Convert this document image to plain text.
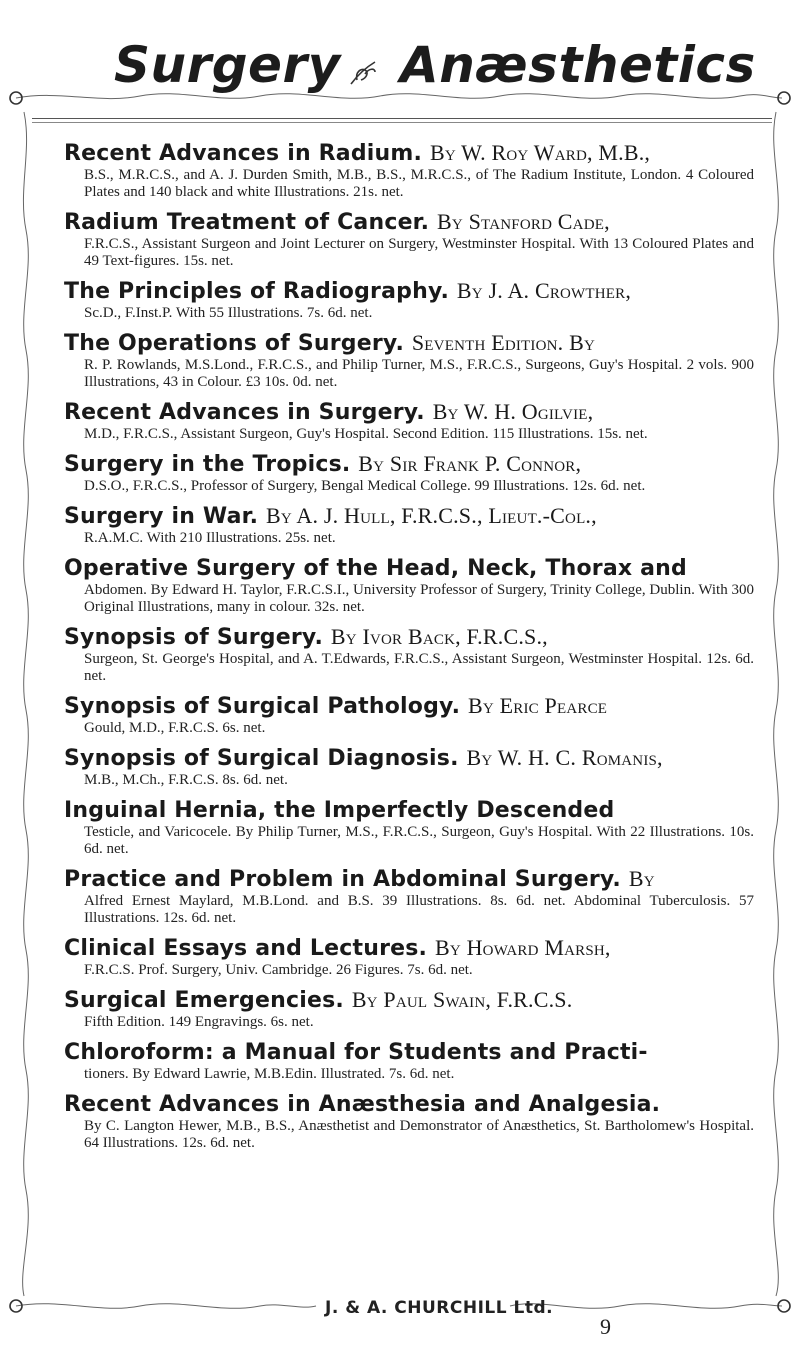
Surgery Anæsthetics
Recent Advances in Radium. By W. Roy Ward, M.B.,
B.S., M.R.C.S., and A. J. Durden Smith, M.B., B.S., M.R.C.S., of The Radium Institute, London. 4 Coloured Plates and 140 black and white Illustrations. 21s. net.
Radium Treatment of Cancer. By Stanford Cade,
F.R.C.S., Assistant Surgeon and Joint Lecturer on Surgery, Westminster Hospital. With 13 Coloured Plates and 49 Text-figures. 15s. net.
The Principles of Radiography. By J. A. Crowther,
Sc.D., F.Inst.P. With 55 Illustrations. 7s. 6d. net.
The Operations of Surgery. Seventh Edition. By
R. P. Rowlands, M.S.Lond., F.R.C.S., and Philip Turner, M.S., F.R.C.S., Surgeons, Guy's Hospital. 2 vols. 900 Illustrations, 43 in Colour. £3 10s. 0d. net.
Recent Advances in Surgery. By W. H. Ogilvie,
M.D., F.R.C.S., Assistant Surgeon, Guy's Hospital. Second Edition. 115 Illustrations. 15s. net.
Surgery in the Tropics. By Sir Frank P. Connor,
D.S.O., F.R.C.S., Professor of Surgery, Bengal Medical College. 99 Illustrations. 12s. 6d. net.
Surgery in War. By A. J. Hull, F.R.C.S., Lieut.-Col.,
R.A.M.C. With 210 Illustrations. 25s. net.
Operative Surgery of the Head, Neck, Thorax and
Abdomen. By Edward H. Taylor, F.R.C.S.I., University Professor of Surgery, Trinity College, Dublin. With 300 Original Illustrations, many in colour. 32s. net.
Synopsis of Surgery. By Ivor Back, F.R.C.S.,
Surgeon, St. George's Hospital, and A. T.Edwards, F.R.C.S., Assistant Surgeon, Westminster Hospital. 12s. 6d. net.
Synopsis of Surgical Pathology. By Eric Pearce
Gould, M.D., F.R.C.S. 6s. net.
Synopsis of Surgical Diagnosis. By W. H. C. Romanis,
M.B., M.Ch., F.R.C.S. 8s. 6d. net.
Inguinal Hernia, the Imperfectly Descended
Testicle, and Varicocele. By Philip Turner, M.S., F.R.C.S., Surgeon, Guy's Hospital. With 22 Illustrations. 10s. 6d. net.
Practice and Problem in Abdominal Surgery. By
Alfred Ernest Maylard, M.B.Lond. and B.S. 39 Illustrations. 8s. 6d. net. Abdominal Tuberculosis. 57 Illustrations. 12s. 6d. net.
Clinical Essays and Lectures. By Howard Marsh,
F.R.C.S. Prof. Surgery, Univ. Cambridge. 26 Figures. 7s. 6d. net.
Surgical Emergencies. By Paul Swain, F.R.C.S.
Fifth Edition. 149 Engravings. 6s. net.
Chloroform: a Manual for Students and Practi-
tioners. By Edward Lawrie, M.B.Edin. Illustrated. 7s. 6d. net.
Recent Advances in Anæsthesia and Analgesia.
By C. Langton Hewer, M.B., B.S., Anæsthetist and Demonstrator of Anæsthetics, St. Bartholomew's Hospital. 64 Illustrations. 12s. 6d. net.
J. & A. CHURCHILL Ltd.
9
